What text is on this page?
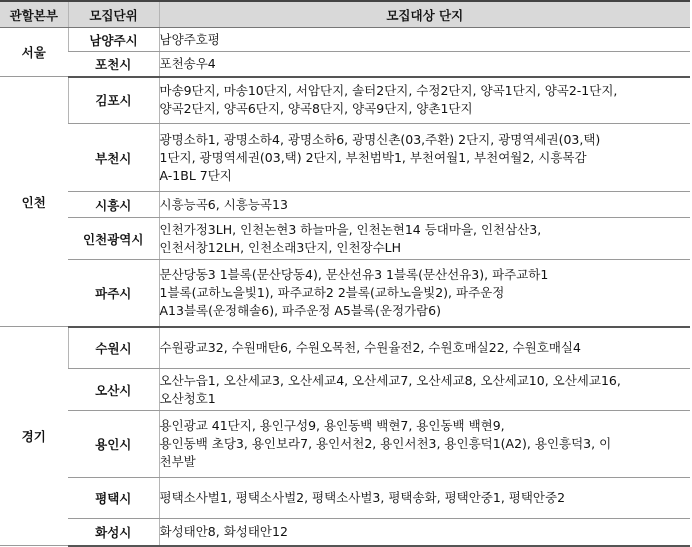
관할본부	모집단위	모집대상 단지
서울	남양주시	남양주호평

	포천시	포천송우4

인천	김포시	마송9단지, 마송10단지, 서암단지, 솔터2단지, 수정2단지, 양곡1단지, 양곡2-1단지,
양곡2단지, 양곡6단지, 양곡8단지, 양곡9단지, 양촌1단지

	부천시	광명소하1, 광명소하4, 광명소하6, 광명신촌(03,주환) 2단지, 광명역세권(03,택)
1단지, 광명역세권(03,택) 2단지, 부천범박1, 부천여월1, 부천여월2, 시흥목감
A-1BL 7단지

	시흥시	시흥능곡6, 시흥능곡13

	인천광역시	인천가정3LH, 인천논현3 하늘마을, 인천논현14 등대마을, 인천삼산3,
인천서창12LH, 인천소래3단지, 인천장수LH

	파주시	문산당동3 1블록(문산당동4), 문산선유3 1블록(문산선유3), 파주교하1
1블록(교하노을빛1), 파주교하2 2블록(교하노을빛2), 파주운정
A13블록(운정해솔6), 파주운정 A5블록(운정가람6)

경기	수원시	수원광교32, 수원매탄6, 수원오목천, 수원율전2, 수원호매실22, 수원호매실4

	오산시	오산누읍1, 오산세교3, 오산세교4, 오산세교7, 오산세교8, 오산세교10, 오산세교16,
오산청호1

	용인시	용인광교 41단지, 용인구성9, 용인동백 백현7, 용인동백 백현9,
용인동백 초당3, 용인보라7, 용인서천2, 용인서천3, 용인흥덕1(A2), 용인흥덕3, 이
천부발

	평택시	평택소사벌1, 평택소사벌2, 평택소사벌3, 평택송화, 평택안중1, 평택안중2

	화성시	화성태안8, 화성태안12
